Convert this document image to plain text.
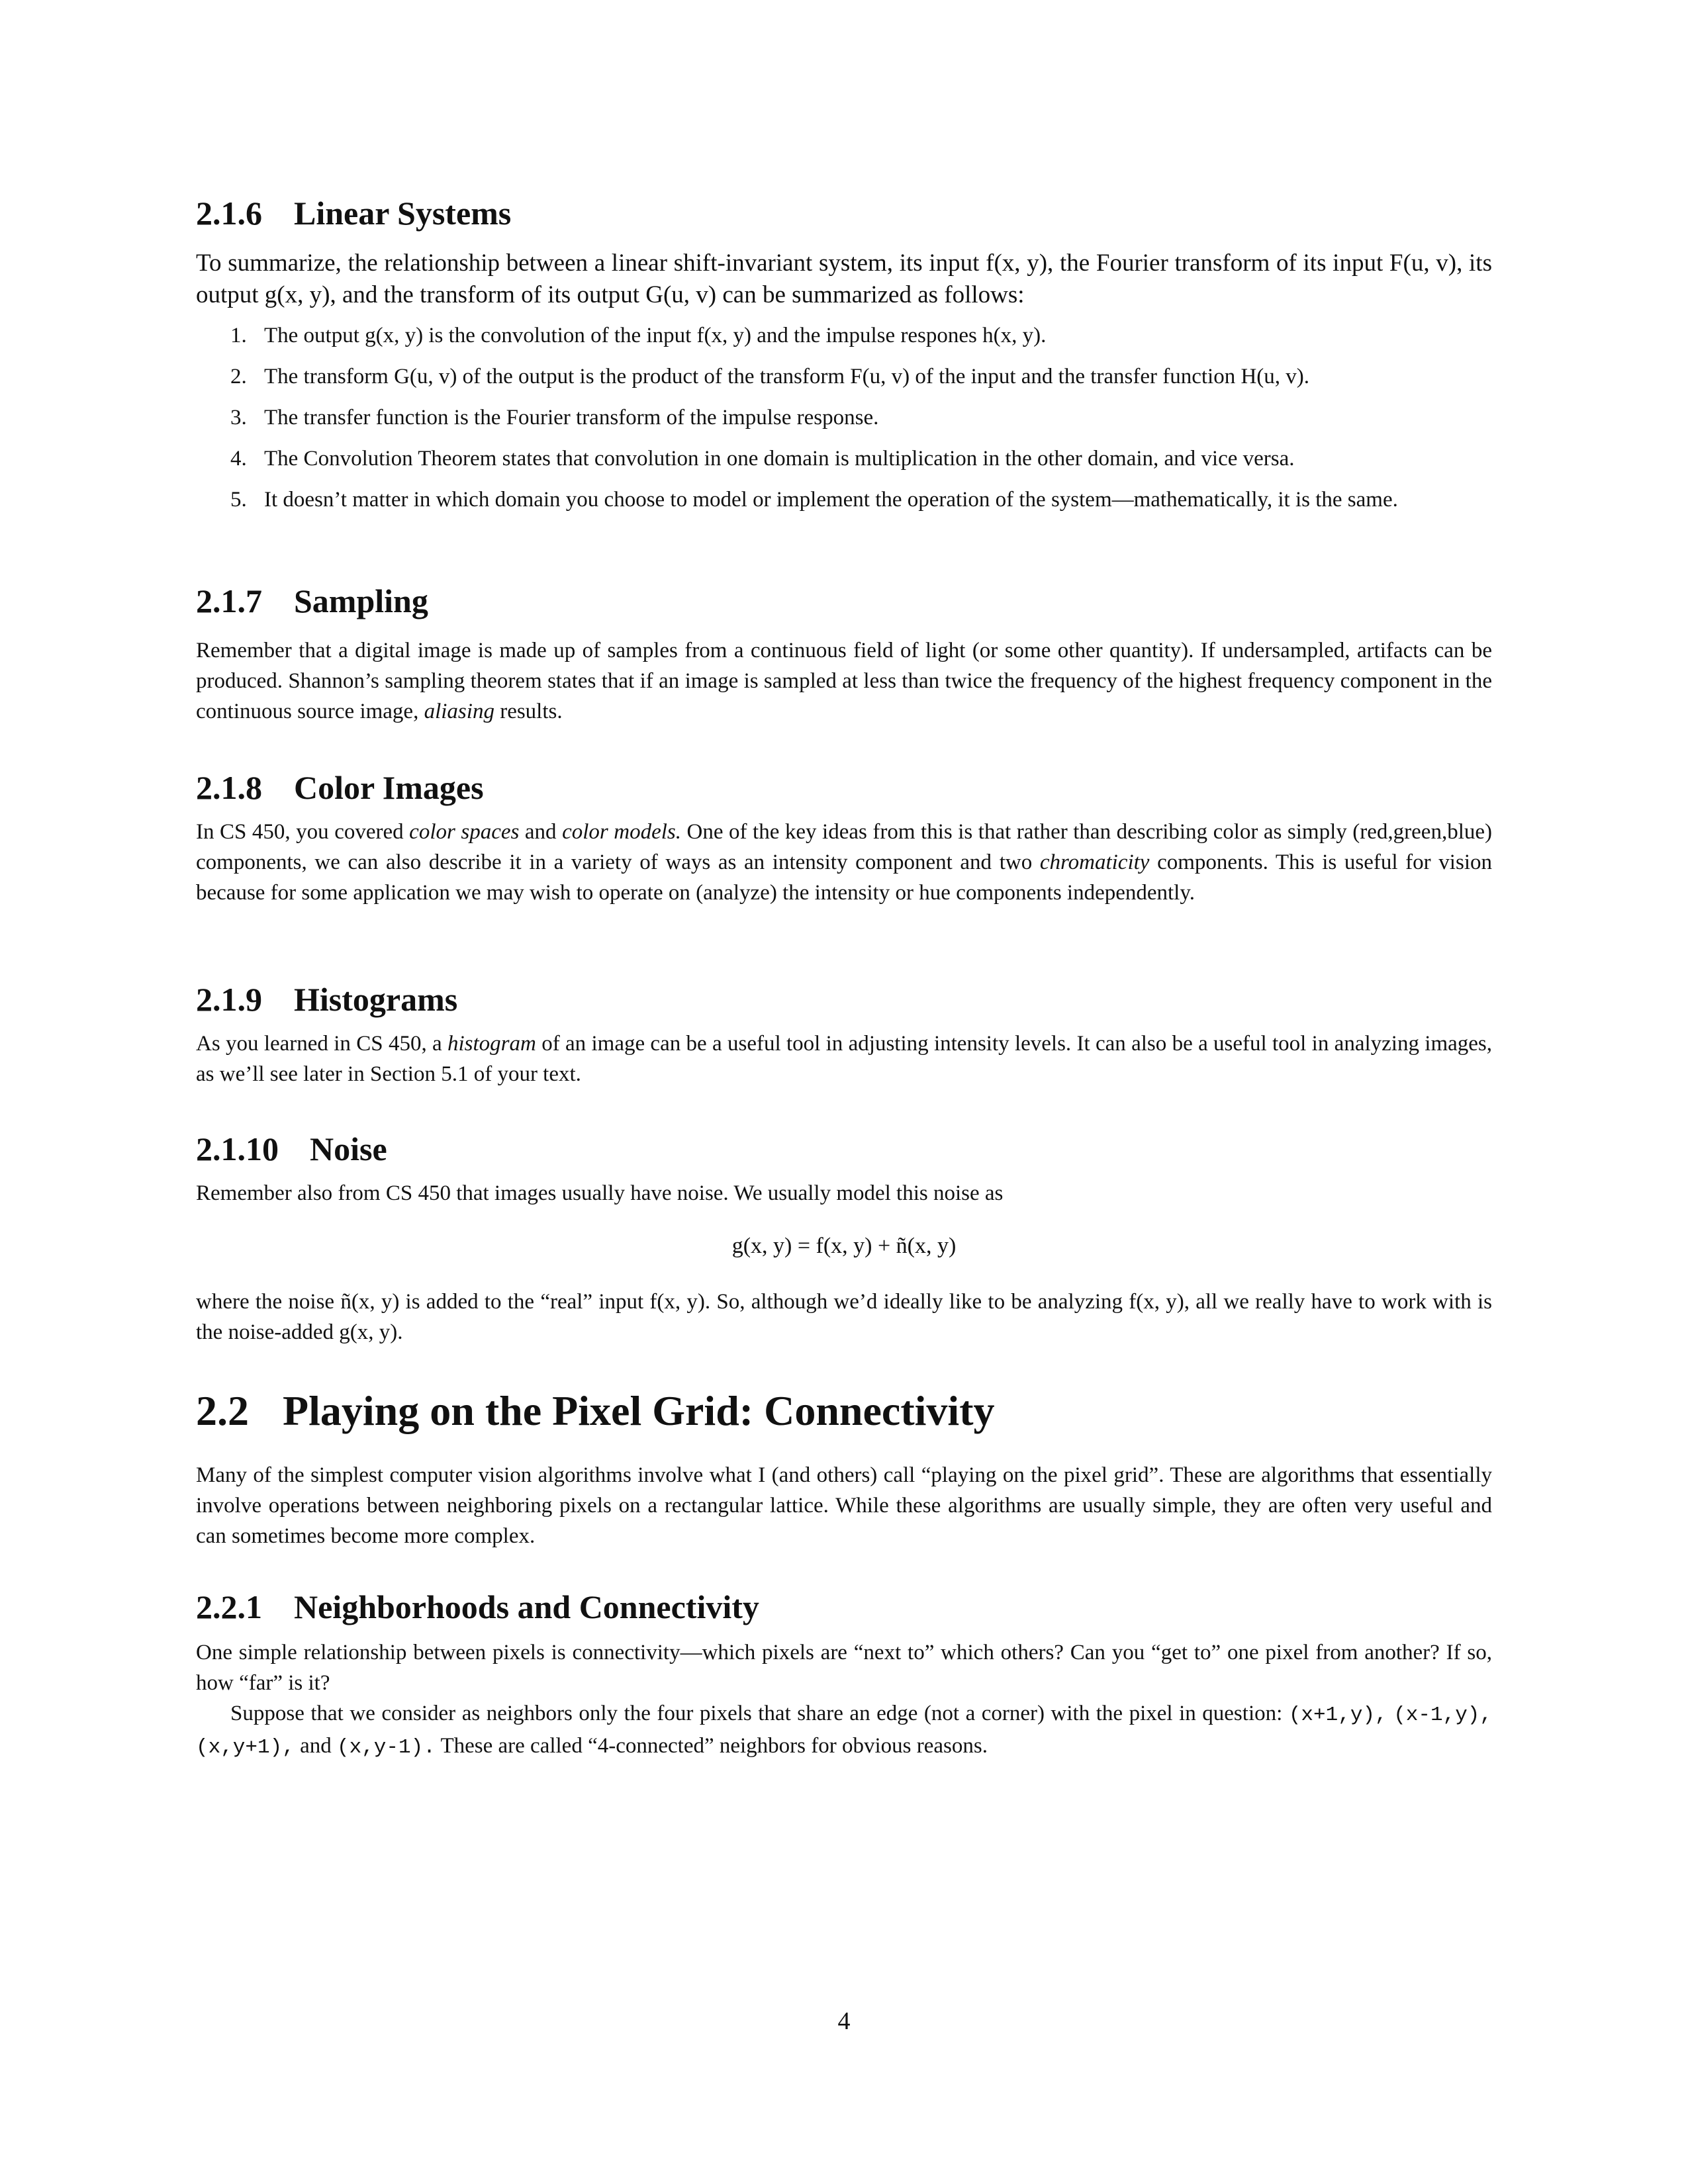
2.1.6 Linear Systems

To summarize, the relationship between a linear shift-invariant system, its input f(x, y), the Fourier transform of its input F(u, v), its output g(x, y), and the transform of its output G(u, v) can be summarized as follows:

1. The output g(x, y) is the convolution of the input f(x, y) and the impulse respones h(x, y).
2. The transform G(u, v) of the output is the product of the transform F(u, v) of the input and the transfer function H(u, v).
3. The transfer function is the Fourier transform of the impulse response.
4. The Convolution Theorem states that convolution in one domain is multiplication in the other domain, and vice versa.
5. It doesn’t matter in which domain you choose to model or implement the operation of the system—mathematically, it is the same.
2.1.7 Sampling

Remember that a digital image is made up of samples from a continuous field of light (or some other quantity). If undersampled, artifacts can be produced. Shannon’s sampling theorem states that if an image is sampled at less than twice the frequency of the highest frequency component in the continuous source image, aliasing results.

2.1.8 Color Images

In CS 450, you covered color spaces and color models. One of the key ideas from this is that rather than describing color as simply (red,green,blue) components, we can also describe it in a variety of ways as an intensity component and two chromaticity components. This is useful for vision because for some application we may wish to operate on (analyze) the intensity or hue components independently.

2.1.9 Histograms

As you learned in CS 450, a histogram of an image can be a useful tool in adjusting intensity levels. It can also be a useful tool in analyzing images, as we’ll see later in Section 5.1 of your text.

2.1.10 Noise

Remember also from CS 450 that images usually have noise. We usually model this noise as

g(x, y) = f(x, y) + ñ(x, y)

where the noise ñ(x, y) is added to the “real” input f(x, y). So, although we’d ideally like to be analyzing f(x, y), all we really have to work with is the noise-added g(x, y).

2.2 Playing on the Pixel Grid: Connectivity

Many of the simplest computer vision algorithms involve what I (and others) call “playing on the pixel grid”. These are algorithms that essentially involve operations between neighboring pixels on a rectangular lattice. While these algorithms are usually simple, they are often very useful and can sometimes become more complex.

2.2.1 Neighborhoods and Connectivity

One simple relationship between pixels is connectivity—which pixels are “next to” which others? Can you “get to” one pixel from another? If so, how “far” is it?

Suppose that we consider as neighbors only the four pixels that share an edge (not a corner) with the pixel in question: (x+1,y), (x-1,y), (x,y+1), and (x,y-1). These are called “4-connected” neighbors for obvious reasons.

4
